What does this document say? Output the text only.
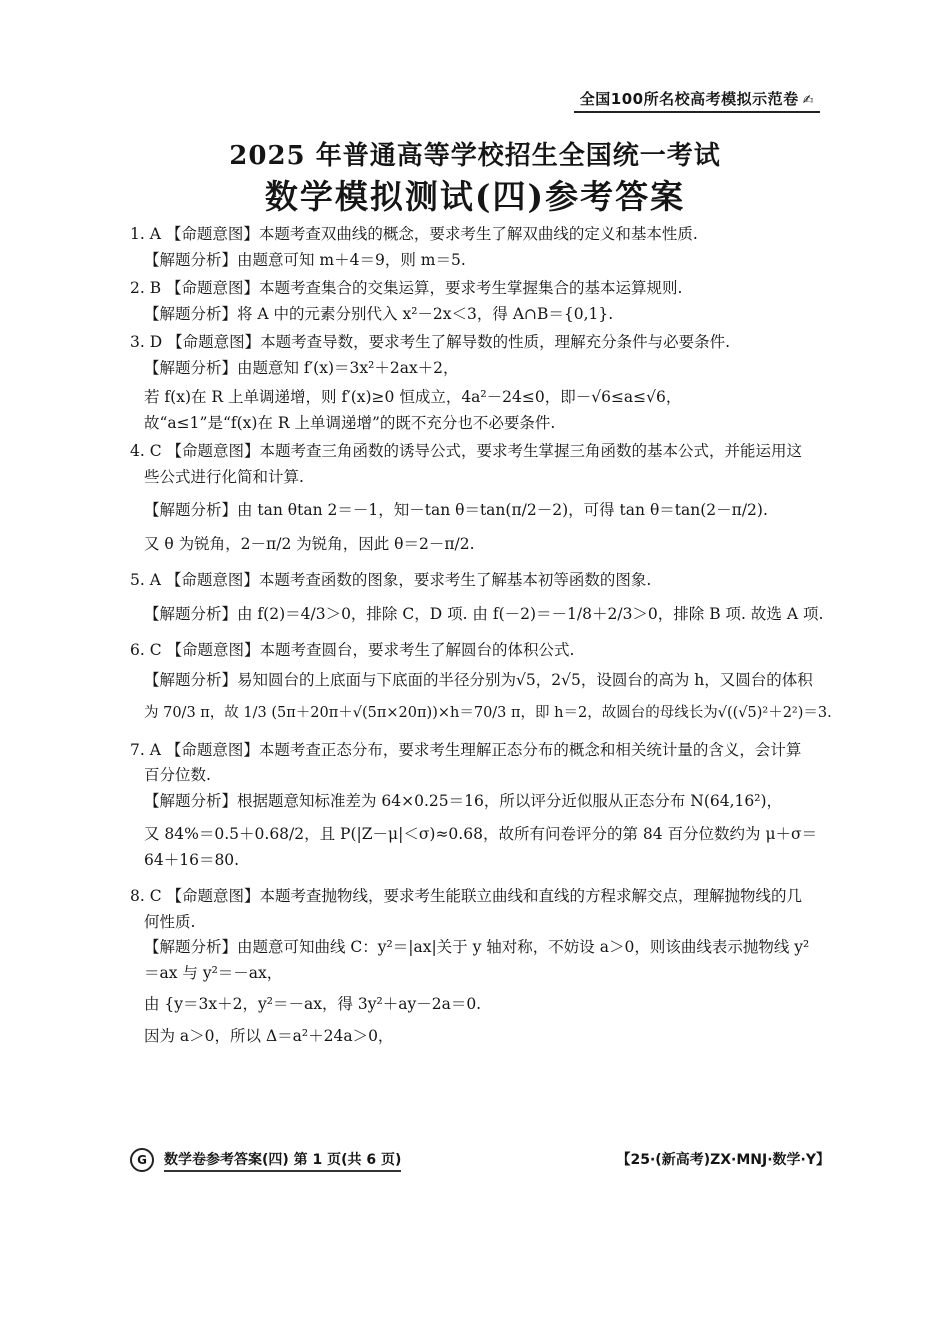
全国100所名校高考模拟示范卷 ✍
2025 年普通高等学校招生全国统一考试
数学模拟测试(四)参考答案
1. A 【命题意图】本题考查双曲线的概念，要求考生了解双曲线的定义和基本性质.
【解题分析】由题意可知 m＋4＝9，则 m＝5.
2. B 【命题意图】本题考查集合的交集运算，要求考生掌握集合的基本运算规则.
【解题分析】将 A 中的元素分别代入 x²－2x＜3，得 A∩B＝{0,1}.
3. D 【命题意图】本题考查导数，要求考生了解导数的性质，理解充分条件与必要条件.
【解题分析】由题意知 f′(x)＝3x²＋2ax＋2，
若 f(x)在 R 上单调递增，则 f′(x)≥0 恒成立，4a²－24≤0，即－√6≤a≤√6，
故“a≤1”是“f(x)在 R 上单调递增”的既不充分也不必要条件.
4. C 【命题意图】本题考查三角函数的诱导公式，要求考生掌握三角函数的基本公式，并能运用这
些公式进行化简和计算.
【解题分析】由 tan θtan 2＝－1，知－tan θ＝tan(π/2－2)，可得 tan θ＝tan(2－π/2).
又 θ 为锐角，2－π/2 为锐角，因此 θ＝2－π/2.
5. A 【命题意图】本题考查函数的图象，要求考生了解基本初等函数的图象.
【解题分析】由 f(2)＝4/3＞0，排除 C，D 项. 由 f(－2)＝－1/8＋2/3＞0，排除 B 项. 故选 A 项.
6. C 【命题意图】本题考查圆台，要求考生了解圆台的体积公式.
【解题分析】易知圆台的上底面与下底面的半径分别为√5，2√5，设圆台的高为 h，又圆台的体积
为 70/3 π，故 1/3 (5π＋20π＋√(5π×20π))×h＝70/3 π，即 h＝2，故圆台的母线长为√((√5)²＋2²)＝3.
7. A 【命题意图】本题考查正态分布，要求考生理解正态分布的概念和相关统计量的含义，会计算
百分位数.
【解题分析】根据题意知标准差为 64×0.25＝16，所以评分近似服从正态分布 N(64,16²)，
又 84%＝0.5＋0.68/2，且 P(|Z－μ|＜σ)≈0.68，故所有问卷评分的第 84 百分位数约为 μ＋σ＝
64＋16＝80.
8. C 【命题意图】本题考查抛物线，要求考生能联立曲线和直线的方程求解交点，理解抛物线的几
何性质.
【解题分析】由题意可知曲线 C：y²＝|ax|关于 y 轴对称，不妨设 a＞0，则该曲线表示抛物线 y²
＝ax 与 y²＝－ax，
由 {y＝3x＋2，y²＝－ax，得 3y²＋ay－2a＝0.
因为 a＞0，所以 Δ＝a²＋24a＞0，
G	数学卷参考答案(四) 第 1 页(共 6 页)	【25·(新高考)ZX·MNJ·数学·Y】
